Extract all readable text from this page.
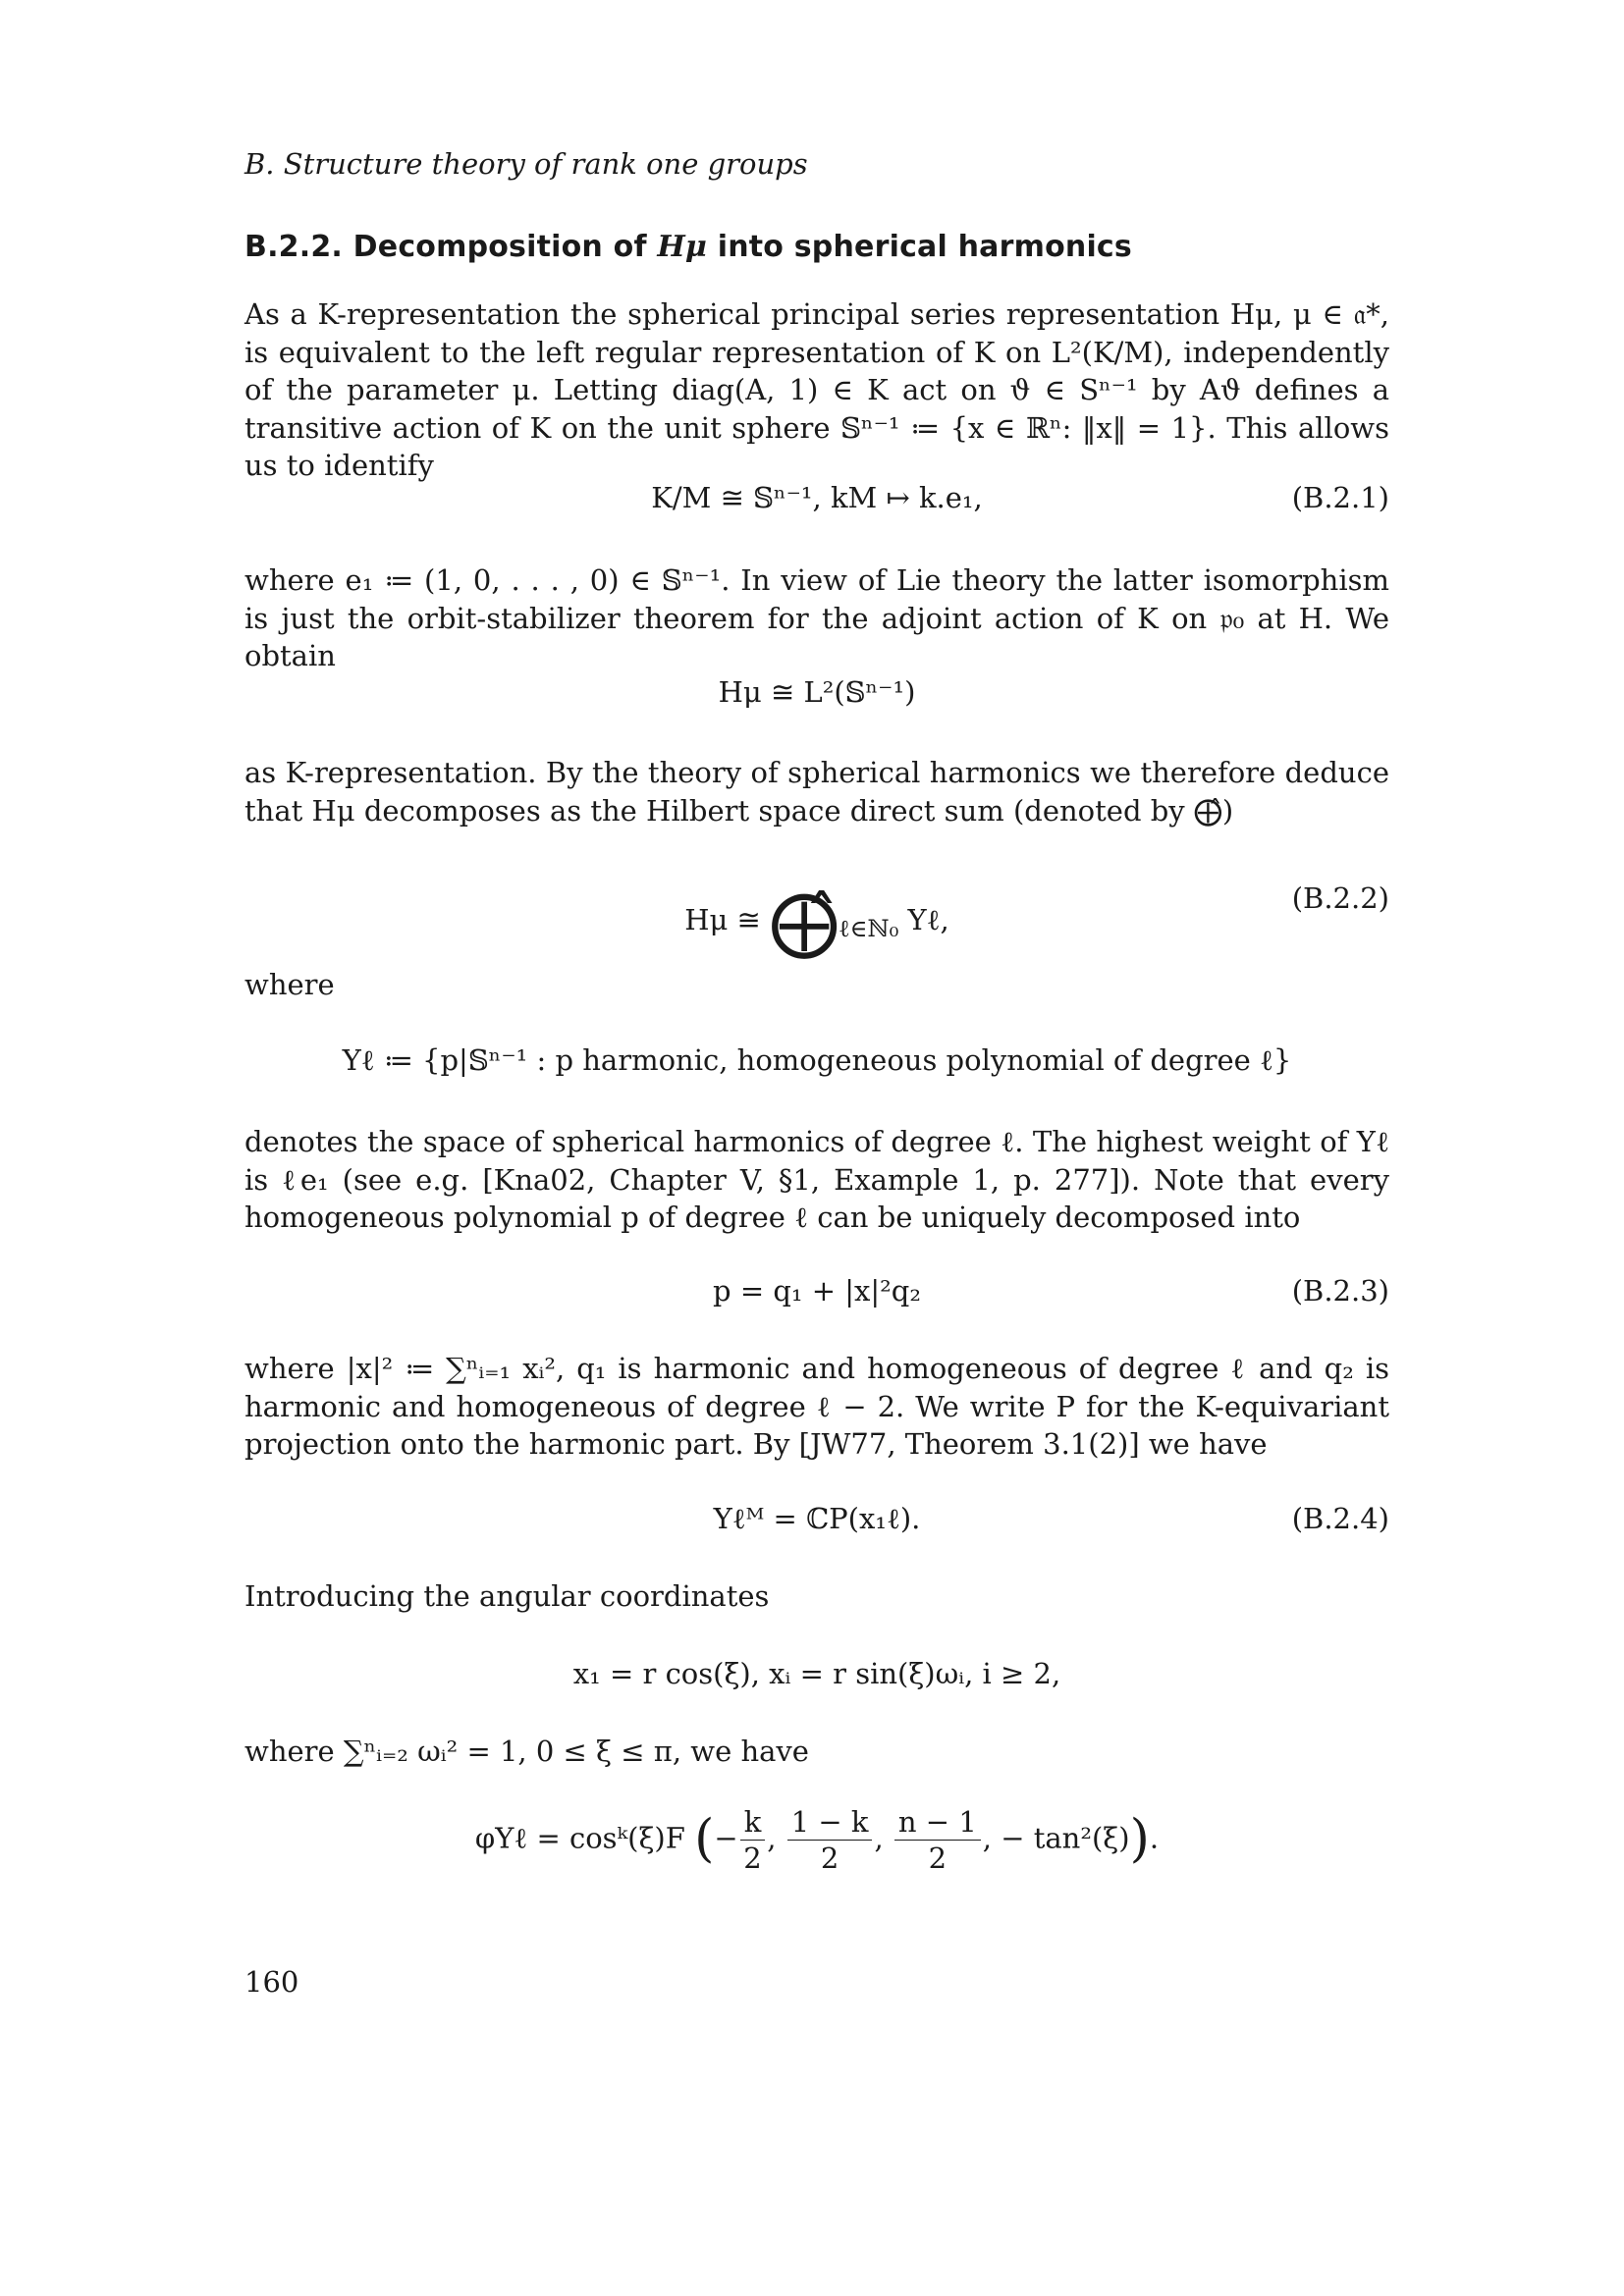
B. Structure theory of rank one groups
B.2.2. Decomposition of Hμ into spherical harmonics
As a K-representation the spherical principal series representation Hμ, μ ∈ 𝔞*, is equivalent to the left regular representation of K on L²(K/M), independently of the parameter μ. Letting diag(A, 1) ∈ K act on ϑ ∈ Sⁿ⁻¹ by Aϑ defines a transitive action of K on the unit sphere 𝕊ⁿ⁻¹ ≔ {x ∈ ℝⁿ: ‖x‖ = 1}. This allows us to identify
K/M ≅ 𝕊ⁿ⁻¹, kM ↦ k.e₁,	(B.2.1)
where e₁ ≔ (1, 0, . . . , 0) ∈ 𝕊ⁿ⁻¹. In view of Lie theory the latter isomorphism is just the orbit-stabilizer theorem for the adjoint action of K on 𝔭₀ at H. We obtain
Hμ ≅ L²(𝕊ⁿ⁻¹)
as K-representation. By the theory of spherical harmonics we therefore deduce that Hμ decomposes as the Hilbert space direct sum (denoted by ⨁̂)
Hμ ≅ $⨁̂_{\ell\in ℕ_0}$ Yℓ,
(B.2.2)
where
Yℓ ≔ {p|𝕊ⁿ⁻¹ : p harmonic, homogeneous polynomial of degree ℓ}
denotes the space of spherical harmonics of degree ℓ. The highest weight of Yℓ is ℓe₁ (see e.g. [Kna02, Chapter V, §1, Example 1, p. 277]). Note that every homogeneous polynomial p of degree ℓ can be uniquely decomposed into
p = q₁ + |x|²q₂	(B.2.3)
where |x|² ≔ ∑ⁿᵢ₌₁ xᵢ², q₁ is harmonic and homogeneous of degree ℓ and q₂ is harmonic and homogeneous of degree ℓ − 2. We write P for the K-equivariant projection onto the harmonic part. By [JW77, Theorem 3.1(2)] we have
Yℓᴹ = ℂP(x₁ℓ).	(B.2.4)
Introducing the angular coordinates
x₁ = r cos(ξ), xᵢ = r sin(ξ)ωᵢ, i ≥ 2,
where ∑ⁿᵢ₌₂ ωᵢ² = 1, 0 ≤ ξ ≤ π, we have
φYℓ = cosᵏ(ξ)F (− $\frac{k}{2}$ , $\frac{1 - k}{2}$ , $\frac{n - 1}{2}$ , − tan²(ξ)).
160
